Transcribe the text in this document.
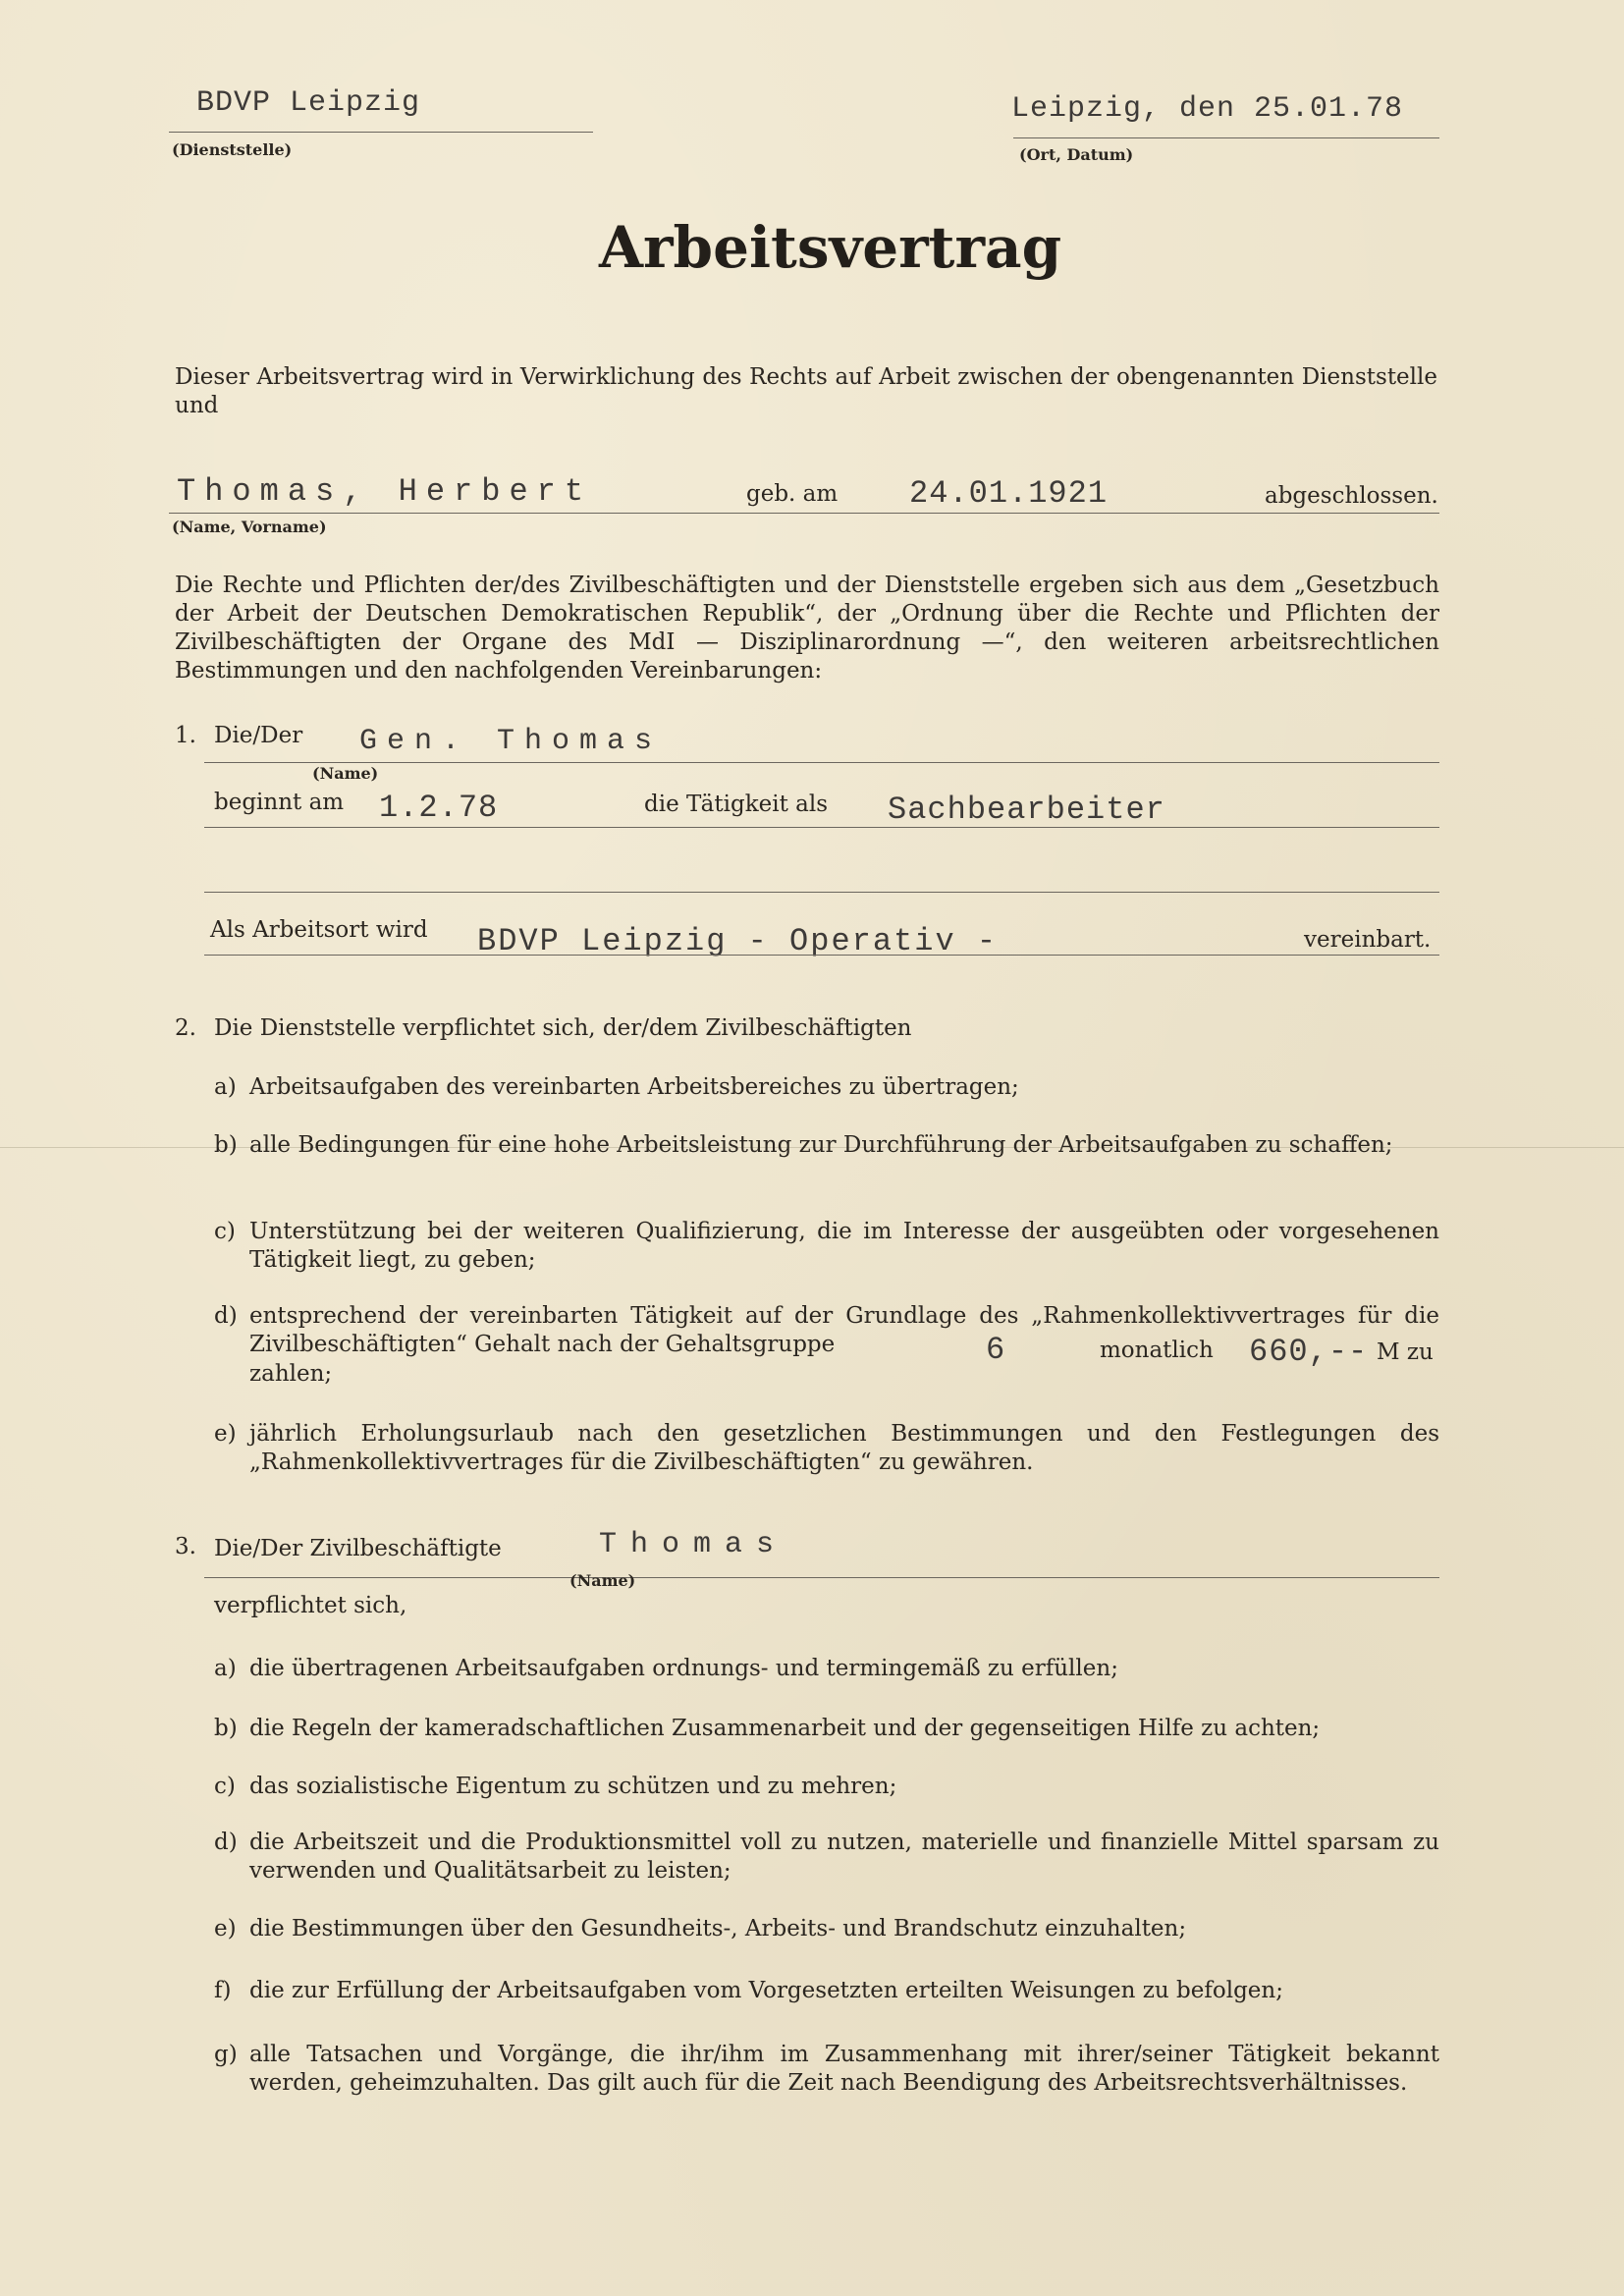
BDVP Leipzig
(Dienststelle)
Leipzig, den 25.01.78
(Ort, Datum)
Arbeitsvertrag
Dieser Arbeitsvertrag wird in Verwirklichung des Rechts auf Arbeit zwischen der obengenannten Dienststelle und
Thomas, Herbert	geb. am 24.01.1921	abgeschlossen.
(Name, Vorname)
Die Rechte und Pflichten der/des Zivilbeschäftigten und der Dienststelle ergeben sich aus dem „Gesetzbuch der Arbeit der Deutschen Demokratischen Republik“, der „Ordnung über die Rechte und Pflichten der Zivilbeschäftigten der Organe des MdI — Disziplinarordnung —“, den weiteren arbeitsrechtlichen Bestimmungen und den nachfolgenden Vereinbarungen:
1. Die/Der Gen. Thomas
(Name)
beginnt am 1.2.78	die Tätigkeit als Sachbearbeiter
Als Arbeitsort wird BDVP Leipzig - Operativ -	vereinbart.
2. Die Dienststelle verpflichtet sich, der/dem Zivilbeschäftigten
a) Arbeitsaufgaben des vereinbarten Arbeitsbereiches zu übertragen;
b) alle Bedingungen für eine hohe Arbeitsleistung zur Durchführung der Arbeitsaufgaben zu schaffen;
c) Unterstützung bei der weiteren Qualifizierung, die im Interesse der ausgeübten oder vorgesehenen Tätigkeit liegt, zu geben;
d) entsprechend der vereinbarten Tätigkeit auf der Grundlage des „Rahmenkollektivvertrages für die Zivilbeschäftigten“ Gehalt nach der Gehaltsgruppe	6	monatlich 660,-- M zu
zahlen;
e) jährlich Erholungsurlaub nach den gesetzlichen Bestimmungen und den Festlegungen des „Rahmenkollektivvertrages für die Zivilbeschäftigten“ zu gewähren.
3. Die/Der Zivilbeschäftigte	Thomas
(Name)
verpflichtet sich,
a) die übertragenen Arbeitsaufgaben ordnungs- und termingemäß zu erfüllen;
b) die Regeln der kameradschaftlichen Zusammenarbeit und der gegenseitigen Hilfe zu achten;
c) das sozialistische Eigentum zu schützen und zu mehren;
d) die Arbeitszeit und die Produktionsmittel voll zu nutzen, materielle und finanzielle Mittel sparsam zu verwenden und Qualitätsarbeit zu leisten;
e) die Bestimmungen über den Gesundheits-, Arbeits- und Brandschutz einzuhalten;
f) die zur Erfüllung der Arbeitsaufgaben vom Vorgesetzten erteilten Weisungen zu befolgen;
g) alle Tatsachen und Vorgänge, die ihr/ihm im Zusammenhang mit ihrer/seiner Tätigkeit bekannt werden, geheimzuhalten. Das gilt auch für die Zeit nach Beendigung des Arbeitsrechtsverhältnisses.
